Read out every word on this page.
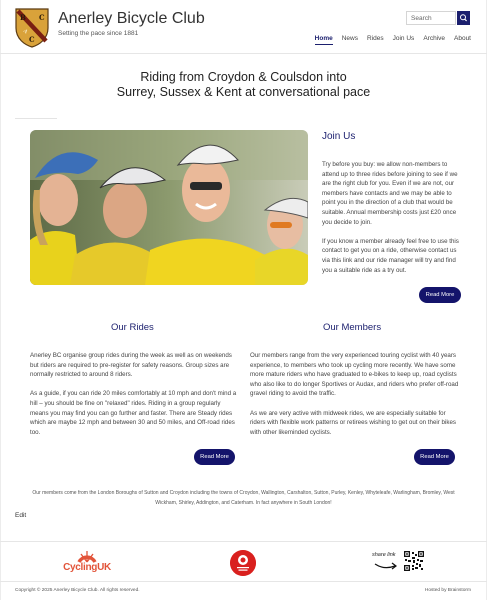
B C
A
C
Anerley Bicycle Club
Setting the pace since 1881
Search
Home News Rides Join Us Archive About
Riding from Croydon & Coulsdon into
Surrey, Sussex & Kent at conversational pace
Join Us

Try before you buy: we allow non-members to attend up to three rides before joining to see if we are the right club for you. Even if we are not, our members have contacts and we may be able to point you in the direction of a club that would be suitable. Annual membership costs just £20 once you decide to join.

If you know a member already feel free to use this contact to get you on a ride, otherwise contact us via this link and our ride manager will try and find you a suitable ride as a try out.

Read More
Our Rides	Our Members

Anerley BC organise group rides during the week as well as on weekends but riders are required to pre-register for safety reasons. Group sizes are normally restricted to around 8 riders.

As a guide, if you can ride 20 miles comfortably at 10 mph and don't mind a hill – you should be fine on "relaxed" rides. Riding in a group regularly means you may find you can go further and faster. There are Steady rides which are maybe 12 mph and between 30 and 50 miles, and Off-road rides too.

Our members range from the very experienced touring cyclist with 40 years experience, to members who took up cycling more recently. We have some more mature riders who have graduated to e-bikes to keep up, road cyclists who also like to do longer Sportives or Audax, and riders who prefer off-road gravel riding to avoid the traffic.

As we are very active with midweek rides, we are especially suitable for riders with flexible work patterns or retirees wishing to get out on their bikes with other likeminded cyclists.

Read More	Read More
Our members come from the London Boroughs of Sutton and Croydon including the towns of Croydon, Wallington, Carshalton, Sutton, Purley, Kenley, Whyteleafe, Warlingham, Bromley, West Wickham, Shirley, Addington, and Caterham. In fact anywhere in South London!
Edit
CyclingUK
share link
Copyright © 2025 Anerley Bicycle Club. All rights reserved.	Hosted by Brainstorm
